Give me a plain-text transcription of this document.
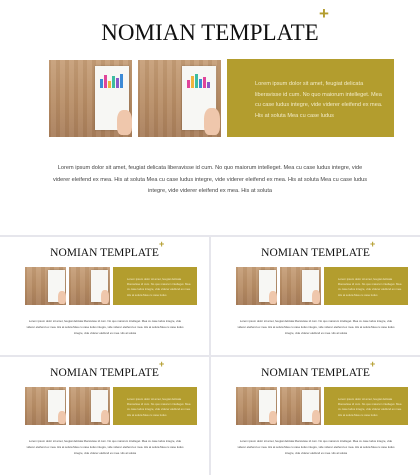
NOMIAN TEMPLATE
+

Lorem ipsum dolor sit amet, feugiat delicata liberavisse id cum. No quo maiorum intelleget. Mea cu case ludus integre, vide viderer eleifend ex mea. His at soluta Mea cu case ludus

Lorem ipsum dolor sit amet, feugiat delicata liberavisse id cum. No quo maiorum intelleget. Mea cu case ludus integre, vide viderer eleifend ex mea. His at soluta Mea cu case ludus integre, vide viderer eleifend ex mea. His at soluta Mea cu case ludus integre, vide viderer eleifend ex mea. His at soluta
NOMIAN TEMPLATE
+

Lorem ipsum dolor sit amet, feugiat delicata liberavisse id cum. No quo maiorum intelleget. Mea cu case ludus integre, vide viderer eleifend ex mea. His at soluta Mea cu case ludus

Lorem ipsum dolor sit amet, feugiat delicata liberavisse id cum. No quo maiorum intelleget. Mea cu case ludus integre, vide viderer eleifend ex mea. His at soluta Mea cu case ludus integre, vide viderer eleifend ex mea. His at soluta Mea cu case ludus integre, vide viderer eleifend ex mea. His at soluta
NOMIAN TEMPLATE
+

Lorem ipsum dolor sit amet, feugiat delicata liberavisse id cum. No quo maiorum intelleget. Mea cu case ludus integre, vide viderer eleifend ex mea. His at soluta Mea cu case ludus

Lorem ipsum dolor sit amet, feugiat delicata liberavisse id cum. No quo maiorum intelleget. Mea cu case ludus integre, vide viderer eleifend ex mea. His at soluta Mea cu case ludus integre, vide viderer eleifend ex mea. His at soluta Mea cu case ludus integre, vide viderer eleifend ex mea. His at soluta
NOMIAN TEMPLATE
+

Lorem ipsum dolor sit amet, feugiat delicata liberavisse id cum. No quo maiorum intelleget. Mea cu case ludus integre, vide viderer eleifend ex mea. His at soluta Mea cu case ludus

Lorem ipsum dolor sit amet, feugiat delicata liberavisse id cum. No quo maiorum intelleget. Mea cu case ludus integre, vide viderer eleifend ex mea. His at soluta Mea cu case ludus integre, vide viderer eleifend ex mea. His at soluta Mea cu case ludus integre, vide viderer eleifend ex mea. His at soluta
NOMIAN TEMPLATE
+

Lorem ipsum dolor sit amet, feugiat delicata liberavisse id cum. No quo maiorum intelleget. Mea cu case ludus integre, vide viderer eleifend ex mea. His at soluta Mea cu case ludus

Lorem ipsum dolor sit amet, feugiat delicata liberavisse id cum. No quo maiorum intelleget. Mea cu case ludus integre, vide viderer eleifend ex mea. His at soluta Mea cu case ludus integre, vide viderer eleifend ex mea. His at soluta Mea cu case ludus integre, vide viderer eleifend ex mea. His at soluta
